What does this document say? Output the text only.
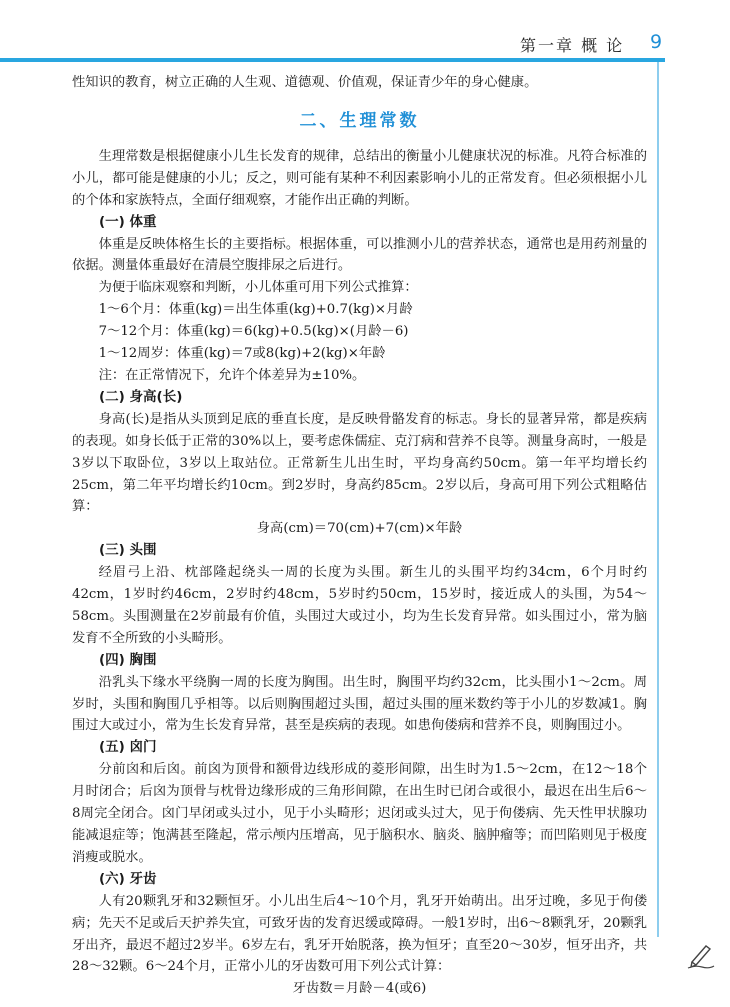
第一章 概 论 9

性知识的教育，树立正确的人生观、道德观、价值观，保证青少年的身心健康。

二、生理常数

生理常数是根据健康小儿生长发育的规律，总结出的衡量小儿健康状况的标准。凡符合标准的小儿，都可能是健康的小儿；反之，则可能有某种不利因素影响小儿的正常发育。但必须根据小儿的个体和家族特点，全面仔细观察，才能作出正确的判断。

(一) 体重

体重是反映体格生长的主要指标。根据体重，可以推测小儿的营养状态，通常也是用药剂量的依据。测量体重最好在清晨空腹排尿之后进行。

为便于临床观察和判断，小儿体重可用下列公式推算：

1～6个月：体重(kg)＝出生体重(kg)+0.7(kg)×月龄

7～12个月：体重(kg)＝6(kg)+0.5(kg)×(月龄－6)

1～12周岁：体重(kg)＝7或8(kg)+2(kg)×年龄

注：在正常情况下，允许个体差异为±10%。

(二) 身高(长)

身高(长)是指从头顶到足底的垂直长度，是反映骨骼发育的标志。身长的显著异常，都是疾病的表现。如身长低于正常的30%以上，要考虑侏儒症、克汀病和营养不良等。测量身高时，一般是3岁以下取卧位，3岁以上取站位。正常新生儿出生时，平均身高约50cm。第一年平均增长约25cm，第二年平均增长约10cm。到2岁时，身高约85cm。2岁以后，身高可用下列公式粗略估算：

身高(cm)＝70(cm)+7(cm)×年龄

(三) 头围

经眉弓上沿、枕部隆起绕头一周的长度为头围。新生儿的头围平均约34cm，6个月时约42cm，1岁时约46cm，2岁时约48cm，5岁时约50cm，15岁时，接近成人的头围，为54～58cm。头围测量在2岁前最有价值，头围过大或过小，均为生长发育异常。如头围过小，常为脑发育不全所致的小头畸形。

(四) 胸围

沿乳头下缘水平绕胸一周的长度为胸围。出生时，胸围平均约32cm，比头围小1～2cm。周岁时，头围和胸围几乎相等。以后则胸围超过头围，超过头围的厘米数约等于小儿的岁数减1。胸围过大或过小，常为生长发育异常，甚至是疾病的表现。如患佝偻病和营养不良，则胸围过小。

(五) 囟门

分前囟和后囟。前囟为顶骨和额骨边线形成的菱形间隙，出生时为1.5～2cm，在12～18个月时闭合；后囟为顶骨与枕骨边缘形成的三角形间隙，在出生时已闭合或很小，最迟在出生后6～8周完全闭合。囟门早闭或头过小，见于小头畸形；迟闭或头过大，见于佝偻病、先天性甲状腺功能减退症等；饱满甚至隆起，常示颅内压增高，见于脑积水、脑炎、脑肿瘤等；而凹陷则见于极度消瘦或脱水。

(六) 牙齿

人有20颗乳牙和32颗恒牙。小儿出生后4～10个月，乳牙开始萌出。出牙过晚，多见于佝偻病；先天不足或后天护养失宜，可致牙齿的发育迟缓或障碍。一般1岁时，出6～8颗乳牙，20颗乳牙出齐，最迟不超过2岁半。6岁左右，乳牙开始脱落，换为恒牙；直至20～30岁，恒牙出齐，共28～32颗。6～24个月，正常小儿的牙齿数可用下列公式计算：

牙齿数＝月龄－4(或6)
